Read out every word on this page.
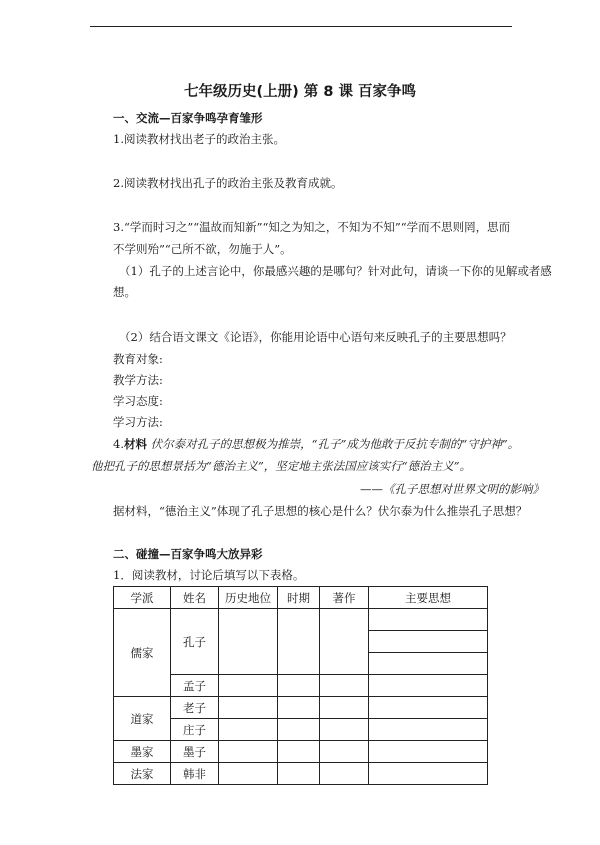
七年级历史(上册) 第 8 课 百家争鸣
一、交流—百家争鸣孕育雏形
1.阅读教材找出老子的政治主张。
2.阅读教材找出孔子的政治主张及教育成就。
3.“学而时习之”“温故而知新”“知之为知之，不知为不知”“学而不思则罔，思而
不学则殆”“己所不欲，勿施于人”。
（1）孔子的上述言论中，你最感兴趣的是哪句？针对此句，请谈一下你的见解或者感
想。
（2）结合语文课文《论语》，你能用论语中心语句来反映孔子的主要思想吗？
教育对象:
教学方法:
学习态度:
学习方法:
4.材料 伏尔泰对孔子的思想极为推崇，“孔子”成为他敢于反抗专制的“守护神”。
他把孔子的思想景括为“德治主义”，坚定地主张法国应该实行“德治主义”。
——《孔子思想对世界文明的影响》
据材料，“德治主义”体现了孔子思想的核心是什么？伏尔泰为什么推崇孔子思想？
二、碰撞—百家争鸣大放异彩
1．阅读教材，讨论后填写以下表格。
学派	姓名	历史地位	时期	著作	主要思想
儒家	孔子				

	孟子				
道家	老子				
	庄子				
墨家	墨子				
法家	韩非				
